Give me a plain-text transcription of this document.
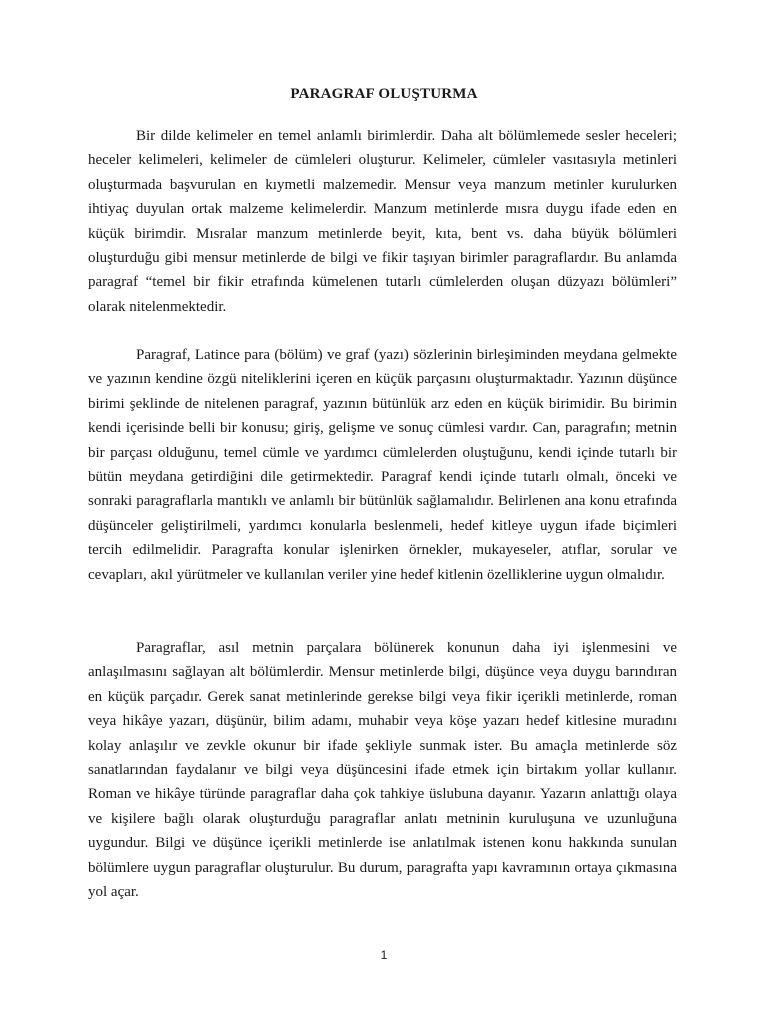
PARAGRAF OLUŞTURMA

Bir dilde kelimeler en temel anlamlı birimlerdir. Daha alt bölümlemede sesler heceleri; heceler kelimeleri, kelimeler de cümleleri oluşturur. Kelimeler, cümleler vasıtasıyla metinleri oluşturmada başvurulan en kıymetli malzemedir. Mensur veya manzum metinler kurulurken ihtiyaç duyulan ortak malzeme kelimelerdir. Manzum metinlerde mısra duygu ifade eden en küçük birimdir. Mısralar manzum metinlerde beyit, kıta, bent vs. daha büyük bölümleri oluşturduğu gibi mensur metinlerde de bilgi ve fikir taşıyan birimler paragraflardır. Bu anlamda paragraf “temel bir fikir etrafında kümelenen tutarlı cümlelerden oluşan düzyazı bölümleri” olarak nitelenmektedir.

Paragraf, Latince para (bölüm) ve graf (yazı) sözlerinin birleşiminden meydana gelmekte ve yazının kendine özgü niteliklerini içeren en küçük parçasını oluşturmaktadır. Yazının düşünce birimi şeklinde de nitelenen paragraf, yazının bütünlük arz eden en küçük birimidir. Bu birimin kendi içerisinde belli bir konusu; giriş, gelişme ve sonuç cümlesi vardır. Can, paragrafın; metnin bir parçası olduğunu, temel cümle ve yardımcı cümlelerden oluştuğunu, kendi içinde tutarlı bir bütün meydana getirdiğini dile getirmektedir. Paragraf kendi içinde tutarlı olmalı, önceki ve sonraki paragraflarla mantıklı ve anlamlı bir bütünlük sağlamalıdır. Belirlenen ana konu etrafında düşünceler geliştirilmeli, yardımcı konularla beslenmeli, hedef kitleye uygun ifade biçimleri tercih edilmelidir. Paragrafta konular işlenirken örnekler, mukayeseler, atıflar, sorular ve cevapları, akıl yürütmeler ve kullanılan veriler yine hedef kitlenin özelliklerine uygun olmalıdır.

Paragraflar, asıl metnin parçalara bölünerek konunun daha iyi işlenmesini ve anlaşılmasını sağlayan alt bölümlerdir. Mensur metinlerde bilgi, düşünce veya duygu barındıran en küçük parçadır. Gerek sanat metinlerinde gerekse bilgi veya fikir içerikli metinlerde, roman veya hikâye yazarı, düşünür, bilim adamı, muhabir veya köşe yazarı hedef kitlesine muradını kolay anlaşılır ve zevkle okunur bir ifade şekliyle sunmak ister. Bu amaçla metinlerde söz sanatlarından faydalanır ve bilgi veya düşüncesini ifade etmek için birtakım yollar kullanır. Roman ve hikâye türünde paragraflar daha çok tahkiye üslubuna dayanır. Yazarın anlattığı olaya ve kişilere bağlı olarak oluşturduğu paragraflar anlatı metninin kuruluşuna ve uzunluğuna uygundur. Bilgi ve düşünce içerikli metinlerde ise anlatılmak istenen konu hakkında sunulan bölümlere uygun paragraflar oluşturulur. Bu durum, paragrafta yapı kavramının ortaya çıkmasına yol açar.

1
